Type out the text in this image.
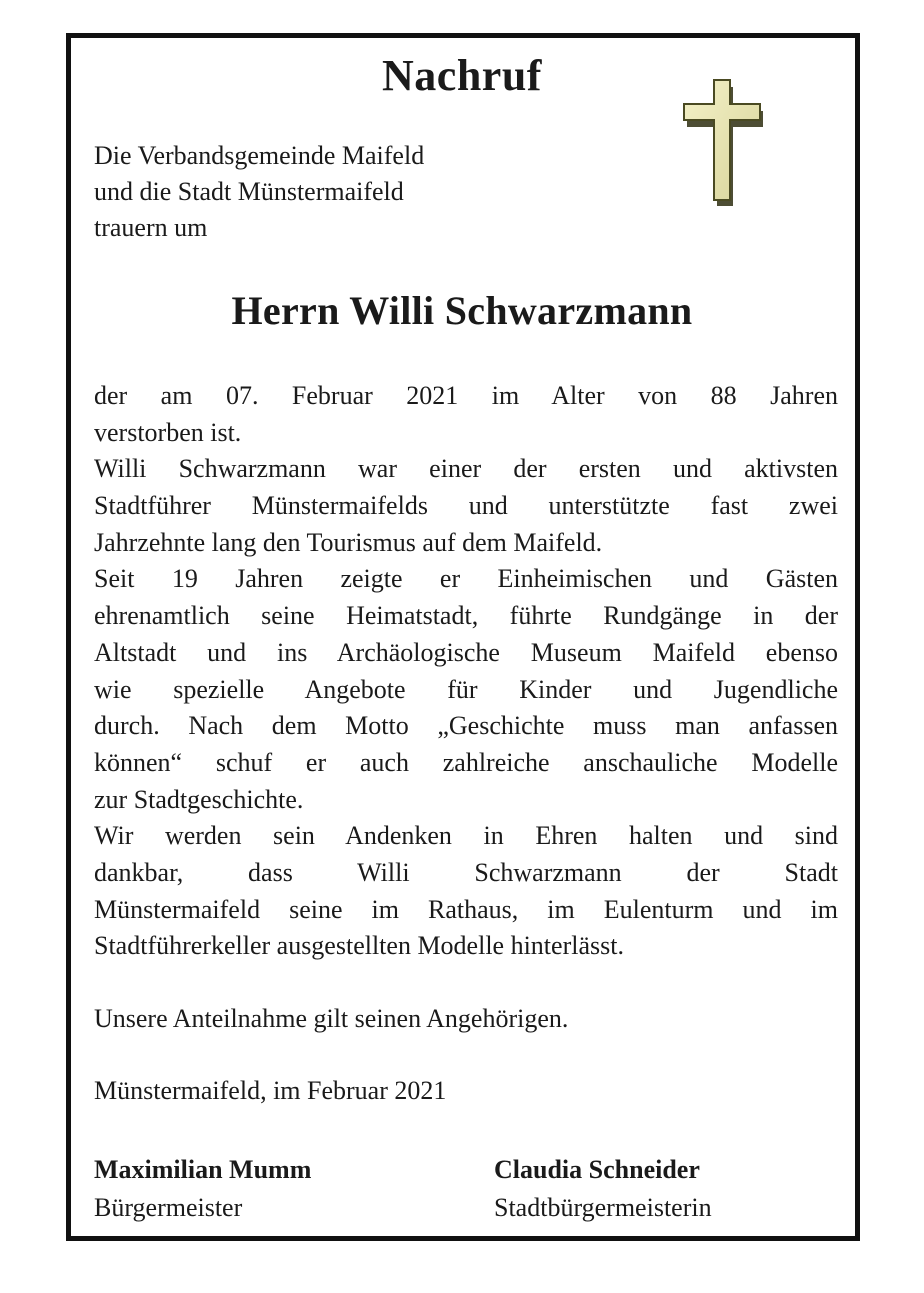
Nachruf
Die Verbandsgemeinde Maifeld
und die Stadt Münstermaifeld
trauern um
Herrn Willi Schwarzmann
der am 07. Februar 2021 im Alter von 88 Jahren
verstorben ist.
Willi Schwarzmann war einer der ersten und aktivsten
Stadtführer Münstermaifelds und unterstützte fast zwei
Jahrzehnte lang den Tourismus auf dem Maifeld.
Seit 19 Jahren zeigte er Einheimischen und Gästen
ehrenamtlich seine Heimatstadt, führte Rundgänge in der
Altstadt und ins Archäologische Museum Maifeld ebenso
wie spezielle Angebote für Kinder und Jugendliche
durch. Nach dem Motto „Geschichte muss man anfassen
können“ schuf er auch zahlreiche anschauliche Modelle
zur Stadtgeschichte.
Wir werden sein Andenken in Ehren halten und sind
dankbar, dass Willi Schwarzmann der Stadt
Münstermaifeld seine im Rathaus, im Eulenturm und im
Stadtführerkeller ausgestellten Modelle hinterlässt.
Unsere Anteilnahme gilt seinen Angehörigen.
Münstermaifeld, im Februar 2021
Maximilian Mumm
Bürgermeister
Claudia Schneider
Stadtbürgermeisterin
